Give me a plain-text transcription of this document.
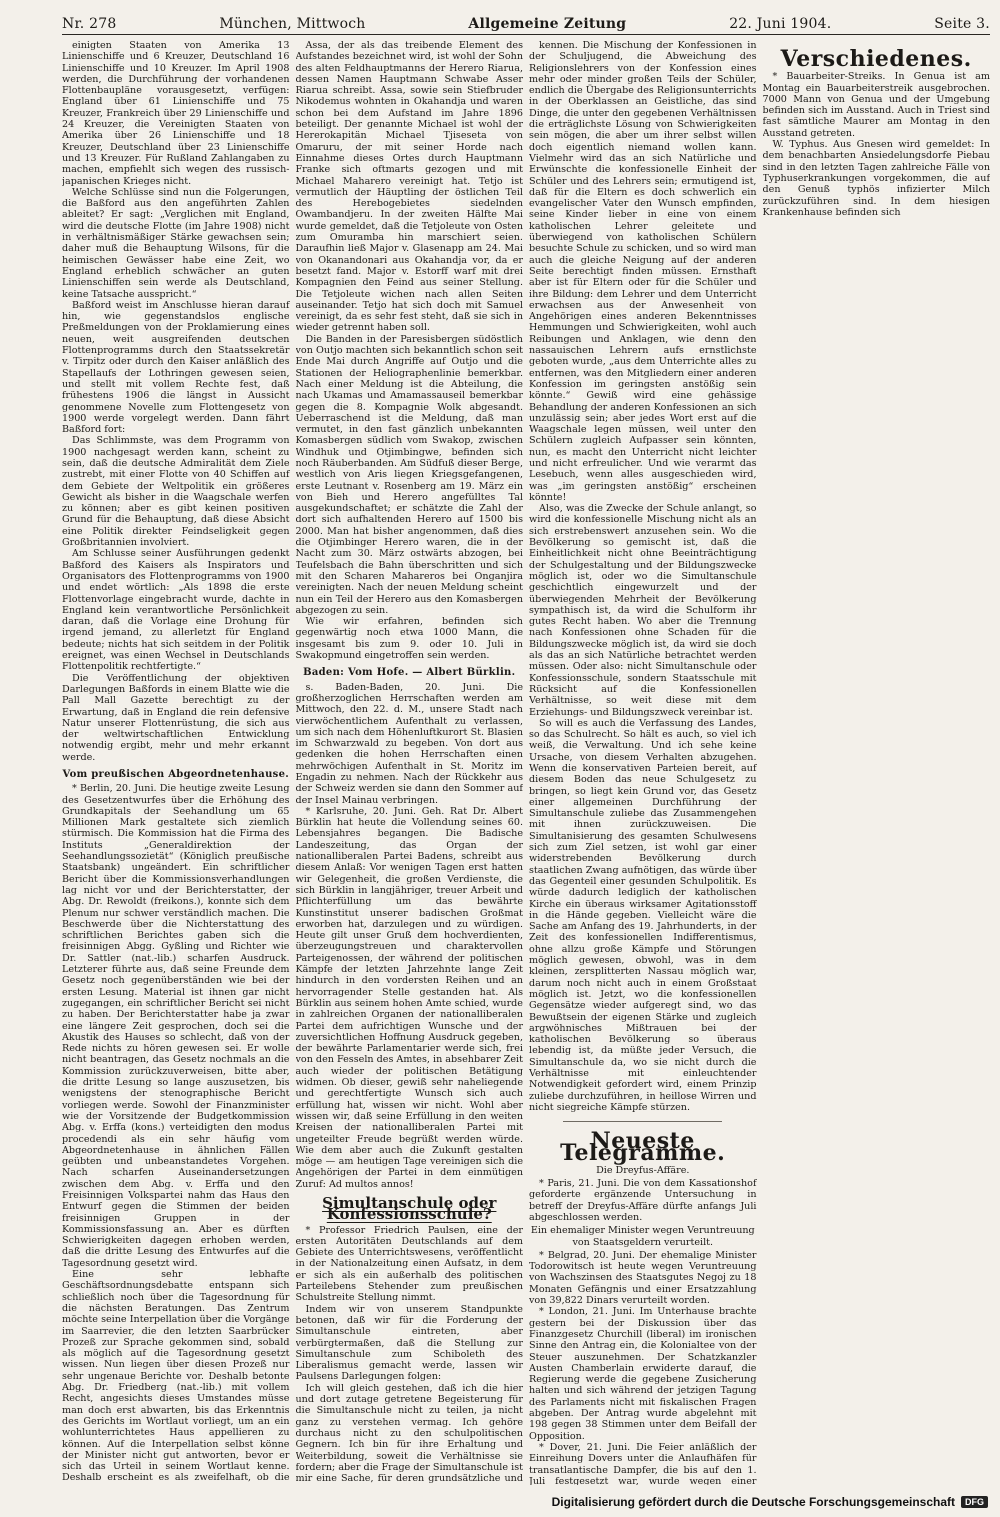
Nr. 278	München, Mittwoch	Allgemeine Zeitung	22. Juni 1904.	Seite 3.

einigten Staaten von Amerika 13 Linienschiffe und 6 Kreuzer, Deutschland 16 Linienschiffe und 10 Kreuzer. Im April 1908 werden, die Durchführung der vorhandenen Flottenbaupläne vorausgesetzt, verfügen: England über 61 Linienschiffe und 75 Kreuzer, Frankreich über 29 Linienschiffe und 24 Kreuzer, die Vereinigten Staaten von Amerika über 26 Linienschiffe und 18 Kreuzer, Deutschland über 23 Linienschiffe und 13 Kreuzer. Für Rußland Zahlangaben zu machen, empfiehlt sich wegen des russisch-japanischen Krieges nicht.

Welche Schlüsse sind nun die Folgerungen, die Baßford aus den angeführten Zahlen ableitet? Er sagt: „Verglichen mit England, wird die deutsche Flotte (im Jahre 1908) nicht in verhältnismäßiger Stärke gewachsen sein; daher muß die Behauptung Wilsons, für die heimischen Gewässer habe eine Zeit, wo England erheblich schwächer an guten Linienschiffen sein werde als Deutschland, keine Tatsache ausspricht.“

Baßford weist im Anschlusse hieran darauf hin, wie gegenstandslos englische Preßmeldungen von der Proklamierung eines neuen, weit ausgreifenden deutschen Flottenprogramms durch den Staatssekretär v. Tirpitz oder durch den Kaiser anläßlich des Stapellaufs der Lothringen gewesen seien, und stellt mit vollem Rechte fest, daß frühestens 1906 die längst in Aussicht genommene Novelle zum Flottengesetz von 1900 werde vorgelegt werden. Dann fährt Baßford fort:

Das Schlimmste, was dem Programm von 1900 nachgesagt werden kann, scheint zu sein, daß die deutsche Admiralität dem Ziele zustrebt, mit einer Flotte von 40 Schiffen auf dem Gebiete der Weltpolitik ein größeres Gewicht als bisher in die Waagschale werfen zu können; aber es gibt keinen positiven Grund für die Behauptung, daß diese Absicht eine Politik direkter Feindseligkeit gegen Großbritannien involviert.

Am Schlusse seiner Ausführungen gedenkt Baßford des Kaisers als Inspirators und Organisators des Flottenprogramms von 1900 und endet wörtlich: „Als 1898 die erste Flottenvorlage eingebracht wurde, dachte in England kein verantwortliche Persönlichkeit daran, daß die Vorlage eine Drohung für irgend jemand, zu allerletzt für England bedeute; nichts hat sich seitdem in der Politik ereignet, was einen Wechsel in Deutschlands Flottenpolitik rechtfertigte.“

Die Veröffentlichung der objektiven Darlegungen Baßfords in einem Blatte wie die Pall Mall Gazette berechtigt zu der Erwartung, daß in England die rein defensive Natur unserer Flottenrüstung, die sich aus der weltwirtschaftlichen Entwicklung notwendig ergibt, mehr und mehr erkannt werde.

Vom preußischen Abgeordnetenhause.

* Berlin, 20. Juni. Die heutige zweite Lesung des Gesetzentwurfes über die Erhöhung des Grundkapitals der Seehandlung um 65 Millionen Mark gestaltete sich ziemlich stürmisch. Die Kommission hat die Firma des Instituts „Generaldirektion der Seehandlungssozietät“ (Königlich preußische Staatsbank) ungeändert. Ein schriftlicher Bericht über die Kommissionsverhandlungen lag nicht vor und der Berichterstatter, der Abg. Dr. Rewoldt (freikons.), konnte sich dem Plenum nur schwer verständlich machen. Die Beschwerde über die Nichterstattung des schriftlichen Berichtes gaben sich die freisinnigen Abgg. Gyßling und Richter wie Dr. Sattler (nat.-lib.) scharfen Ausdruck. Letzterer führte aus, daß seine Freunde dem Gesetz noch gegenüberständen wie bei der ersten Lesung. Material ist ihnen gar nicht zugegangen, ein schriftlicher Bericht sei nicht zu haben. Der Berichterstatter habe ja zwar eine längere Zeit gesprochen, doch sei die Akustik des Hauses so schlecht, daß von der Rede nichts zu hören gewesen sei. Er wolle nicht beantragen, das Gesetz nochmals an die Kommission zurückzuverweisen, bitte aber, die dritte Lesung so lange auszusetzen, bis wenigstens der stenographische Bericht vorliegen werde. Sowohl der Finanzminister wie der Vorsitzende der Budgetkommission Abg. v. Erffa (kons.) verteidigten den modus procedendi als ein sehr häufig vom Abgeordnetenhause in ähnlichen Fällen geübten und unbeanstandetes Vorgehen. Nach scharfen Auseinandersetzungen zwischen dem Abg. v. Erffa und den Freisinnigen Volkspartei nahm das Haus den Entwurf gegen die Stimmen der beiden freisinnigen Gruppen in der Kommissionsfassung an. Aber es dürften Schwierigkeiten dagegen erhoben werden, daß die dritte Lesung des Entwurfes auf die Tagesordnung gesetzt wird.

Eine sehr lebhafte Geschäftsordnungsdebatte entspann sich schließlich noch über die Tagesordnung für die nächsten Beratungen. Das Zentrum möchte seine Interpellation über die Vorgänge im Saarrevier, die den letzten Saarbrücker Prozeß zur Sprache gekommen sind, sobald als möglich auf die Tagesordnung gesetzt wissen. Nun liegen über diesen Prozeß nur sehr ungenaue Berichte vor. Deshalb betonte Abg. Dr. Friedberg (nat.-lib.) mit vollem Recht, angesichts dieses Umstandes müsse man doch erst abwarten, bis das Erkenntnis des Gerichts im Wortlaut vorliegt, um an ein wohlunterrichtetes Haus appellieren zu können. Auf die Interpellation selbst könne der Minister nicht gut antworten, bevor er sich das Urteil in seinem Wortlaut kenne. Deshalb erscheint es als zweifelhaft, ob die

Assa, der als das treibende Element des Aufstandes bezeichnet wird, ist wohl der Sohn des alten Feldhauptmanns der Herero Riarua, dessen Namen Hauptmann Schwabe Asser Riarua schreibt. Assa, sowie sein Stiefbruder Nikodemus wohnten in Okahandja und waren schon bei dem Aufstand im Jahre 1896 beteiligt. Der genannte Michael ist wohl der Hererokapitän Michael Tjiseseta von Omaruru, der mit seiner Horde nach Einnahme dieses Ortes durch Hauptmann Franke sich oftmarts gezogen und mit Michael Maharero vereinigt hat. Tetjo ist vermutlich der Häuptling der östlichen Teil des Herebogebietes siedelnden Owambandjeru. In der zweiten Hälfte Mai wurde gemeldet, daß die Tetjoleute von Osten zum Omuramba hin marschiert seien. Daraufhin ließ Major v. Glasenapp am 24. Mai von Okanandonari aus Okahandja vor, da er besetzt fand. Major v. Estorff warf mit drei Kompagnien den Feind aus seiner Stellung. Die Tetjoleute wichen nach allen Seiten auseinander. Tetjo hat sich doch mit Samuel vereinigt, da es sehr fest steht, daß sie sich in wieder getrennt haben soll.

Die Banden in der Paresisbergen südöstlich von Outjo machten sich bekanntlich schon seit Ende Mai durch Angriffe auf Outjo und die Stationen der Heliographenlinie bemerkbar. Nach einer Meldung ist die Abteilung, die nach Ukamas und Amamassauseil bemerkbar gegen die 8. Kompagnie Wolk abgesandt. Ueberraschend ist die Meldung, daß man vermutet, in den fast gänzlich unbekannten Komasbergen südlich vom Swakop, zwischen Windhuk und Otjimbingwe, befinden sich noch Räuberbanden. Am Südfuß dieser Berge, westlich von Aris liegen Kriegsgefangenen, erste Leutnant v. Rosenberg am 19. März ein von Bieh und Herero angefülltes Tal ausgekundschaftet; er schätzte die Zahl der dort sich aufhaltenden Herero auf 1500 bis 2000. Man hat bisher angenommen, daß dies die Otjimbinger Herero waren, die in der Nacht zum 30. März ostwärts abzogen, bei Teufelsbach die Bahn überschritten und sich mit den Scharen Mahareros bei Onganjira vereinigten. Nach der neuen Meldung scheint nun ein Teil der Herero aus den Komasbergen abgezogen zu sein.

Wie wir erfahren, befinden sich gegenwärtig noch etwa 1000 Mann, die insgesamt bis zum 9. oder 10. Juli in Swakopmund eingetroffen sein werden.

Baden: Vom Hofe. — Albert Bürklin.

s. Baden-Baden, 20. Juni. Die großherzoglichen Herrschaften werden am Mittwoch, den 22. d. M., unsere Stadt nach vierwöchentlichem Aufenthalt zu verlassen, um sich nach dem Höhenluftkurort St. Blasien im Schwarzwald zu begeben. Von dort aus gedenken die hohen Herrschaften einen mehrwöchigen Aufenthalt in St. Moritz im Engadin zu nehmen. Nach der Rückkehr aus der Schweiz werden sie dann den Sommer auf der Insel Mainau verbringen.

* Karlsruhe, 20. Juni. Geh. Rat Dr. Albert Bürklin hat heute die Vollendung seines 60. Lebensjahres begangen. Die Badische Landeszeitung, das Organ der nationalliberalen Partei Badens, schreibt aus diesem Anlaß: Vor wenigen Tagen erst hatten wir Gelegenheit, die großen Verdienste, die sich Bürklin in langjähriger, treuer Arbeit und Pflichterfüllung um das bewährte Kunstinstitut unserer badischen Großmat erworben hat, darzulegen und zu würdigen. Heute gilt unser Gruß dem hochverdienten, überzeugungstreuen und charaktervollen Parteigenossen, der während der politischen Kämpfe der letzten Jahrzehnte lange Zeit hindurch in den vordersten Reihen und an hervorragender Stelle gestanden hat. Als Bürklin aus seinem hohen Amte schied, wurde in zahlreichen Organen der nationalliberalen Partei dem aufrichtigen Wunsche und der zuversichtlichen Hoffnung Ausdruck gegeben, der bewährte Parlamentarier werde sich, frei von den Fesseln des Amtes, in absehbarer Zeit auch wieder der politischen Betätigung widmen. Ob dieser, gewiß sehr naheliegende und gerechtfertigte Wunsch sich auch erfüllung hat, wissen wir nicht. Wohl aber wissen wir, daß seine Erfüllung in den weiten Kreisen der nationalliberalen Partei mit ungeteilter Freude begrüßt werden würde. Wie dem aber auch die Zukunft gestalten möge — am heutigen Tage vereinigen sich die Angehörigen der Partei in dem einmütigen Zuruf: Ad multos annos!

Simultanschule oder Konfessionsschule?

* Professor Friedrich Paulsen, eine der ersten Autoritäten Deutschlands auf dem Gebiete des Unterrichtswesens, veröffentlicht in der Nationalzeitung einen Aufsatz, in dem er sich als ein außerhalb des politischen Parteilebens Stehender zum preußischen Schulstreite Stellung nimmt.

Indem wir von unserem Standpunkte betonen, daß wir für die Forderung der Simultanschule eintreten, aber verbürgtermaßen, daß die Stellung zur Simultanschule zum Schiboleth des Liberalismus gemacht werde, lassen wir Paulsens Darlegungen folgen:

Ich will gleich gestehen, daß ich die hier und dort zutage getretene Begeisterung für die Simultanschule nicht zu teilen, ja nicht ganz zu verstehen vermag. Ich gehöre durchaus nicht zu den schulpolitischen Gegnern. Ich bin für ihre Erhaltung und Weiterbildung, soweit die Verhältnisse sie fordern; aber die Frage der Simultanschule ist mir eine Sache, für deren grundsätzliche und

kennen. Die Mischung der Konfessionen in der Schuljugend, die Abweichung des Religionslehrers von der Konfession eines mehr oder minder großen Teils der Schüler, endlich die Übergabe des Religionsunterrichts in der Oberklassen an Geistliche, das sind Dinge, die unter den gegebenen Verhältnissen die erträglichste Lösung von Schwierigkeiten sein mögen, die aber um ihrer selbst willen doch eigentlich niemand wollen kann. Vielmehr wird das an sich Natürliche und Erwünschte die konfessionelle Einheit der Schüler und des Lehrers sein; ermutigend ist, daß für die Eltern es doch schwerlich ein evangelischer Vater den Wunsch empfinden, seine Kinder lieber in eine von einem katholischen Lehrer geleitete und überwiegend von katholischen Schülern besuchte Schule zu schicken, und so wird man auch die gleiche Neigung auf der anderen Seite berechtigt finden müssen. Ernsthaft aber ist für Eltern oder für die Schüler und ihre Bildung: dem Lehrer und dem Unterricht erwachsen aus der Anwesenheit von Angehörigen eines anderen Bekenntnisses Hemmungen und Schwierigkeiten, wohl auch Reibungen und Anklagen, wie denn den nassauischen Lehrern aufs ernstlichste geboten wurde, „aus dem Unterrichte alles zu entfernen, was den Mitgliedern einer anderen Konfession im geringsten anstößig sein könnte.“ Gewiß wird eine gehässige Behandlung der anderen Konfessionen an sich unzulässig sein; aber jedes Wort erst auf die Waagschale legen müssen, weil unter den Schülern zugleich Aufpasser sein könnten, nun, es macht den Unterricht nicht leichter und nicht erfreulicher. Und wie verarmt das Lesebuch, wenn alles ausgeschieden wird, was „im geringsten anstößig“ erscheinen könnte!

Also, was die Zwecke der Schule anlangt, so wird die konfessionelle Mischung nicht als an sich erstrebenswert anzusehen sein. Wo die Bevölkerung so gemischt ist, daß die Einheitlichkeit nicht ohne Beeinträchtigung der Schulgestaltung und der Bildungszwecke möglich ist, oder wo die Simultanschule geschichtlich eingewurzelt und der überwiegenden Mehrheit der Bevölkerung sympathisch ist, da wird die Schulform ihr gutes Recht haben. Wo aber die Trennung nach Konfessionen ohne Schaden für die Bildungszwecke möglich ist, da wird sie doch als das an sich Natürliche betrachtet werden müssen. Oder also: nicht Simultanschule oder Konfessionsschule, sondern Staatsschule mit Rücksicht auf die Konfessionellen Verhältnisse, so weit diese mit dem Erziehungs- und Bildungszweck vereinbar ist.

So will es auch die Verfassung des Landes, so das Schulrecht. So hält es auch, so viel ich weiß, die Verwaltung. Und ich sehe keine Ursache, von diesem Verhalten abzugehen. Wenn die konservativen Parteien bereit, auf diesem Boden das neue Schulgesetz zu bringen, so liegt kein Grund vor, das Gesetz einer allgemeinen Durchführung der Simultanschule zuliebe das Zusammengehen mit ihnen zurückzuweisen. Die Simultanisierung des gesamten Schulwesens sich zum Ziel setzen, ist wohl gar einer widerstrebenden Bevölkerung durch staatlichen Zwang aufnötigen, das würde über das Gegenteil einer gesunden Schulpolitik. Es würde dadurch lediglich der katholischen Kirche ein überaus wirksamer Agitationsstoff in die Hände gegeben. Vielleicht wäre die Sache am Anfang des 19. Jahrhunderts, in der Zeit des konfessionellen Indifferentismus, ohne allzu große Kämpfe und Störungen möglich gewesen, obwohl, was in dem kleinen, zersplitterten Nassau möglich war, darum noch nicht auch in einem Großstaat möglich ist. Jetzt, wo die konfessionellen Gegensätze wieder aufgeregt sind, wo das Bewußtsein der eigenen Stärke und zugleich argwöhnisches Mißtrauen bei der katholischen Bevölkerung so überaus lebendig ist, da müßte jeder Versuch, die Simultanschule da, wo sie nicht durch die Verhältnisse mit einleuchtender Notwendigkeit gefordert wird, einem Prinzip zuliebe durchzuführen, in heillose Wirren und nicht siegreiche Kämpfe stürzen.

Neueste Telegramme.
Die Dreyfus-Affäre.

* Paris, 21. Juni. Die von dem Kassationshof geforderte ergänzende Untersuchung in betreff der Dreyfus-Affäre dürfte anfangs Juli abgeschlossen werden.

Ein ehemaliger Minister wegen Veruntreuung von Staatsgeldern verurteilt.

* Belgrad, 20. Juni. Der ehemalige Minister Todorowitsch ist heute wegen Veruntreuung von Wachszinsen des Staatsgutes Negoj zu 18 Monaten Gefängnis und einer Ersatzzahlung von 39,822 Dinars verurteilt worden.

* London, 21. Juni. Im Unterhause brachte gestern bei der Diskussion über das Finanzgesetz Churchill (liberal) im ironischen Sinne den Antrag ein, die Kolonialtee von der Steuer auszunehmen. Der Schatzkanzler Austen Chamberlain erwiderte darauf, die Regierung werde die gegebene Zusicherung halten und sich während der jetzigen Tagung des Parlaments nicht mit fiskalischen Fragen abgeben. Der Antrag wurde abgelehnt mit 198 gegen 38 Stimmen unter dem Beifall der Opposition.

* Dover, 21. Juni. Die Feier anläßlich der Einreihung Dovers unter die Anlaufhäfen für transatlantische Dampfer, die bis auf den 1. Juli festgesetzt war, wurde wegen einer

Verschiedenes.

* Bauarbeiter-Streiks. In Genua ist am Montag ein Bauarbeiterstreik ausgebrochen. 7000 Mann von Genua und der Umgebung befinden sich im Ausstand. Auch in Triest sind fast sämtliche Maurer am Montag in den Ausstand getreten.

W. Typhus. Aus Gnesen wird gemeldet: In dem benachbarten Ansiedelungsdorfe Piebau sind in den letzten Tagen zahlreiche Fälle von Typhuserkrankungen vorgekommen, die auf den Genuß typhös infizierter Milch zurückzuführen sind. In dem hiesigen Krankenhause befinden sich

Digitalisierung gefördert durch die Deutsche Forschungsgemeinschaft	DFG
